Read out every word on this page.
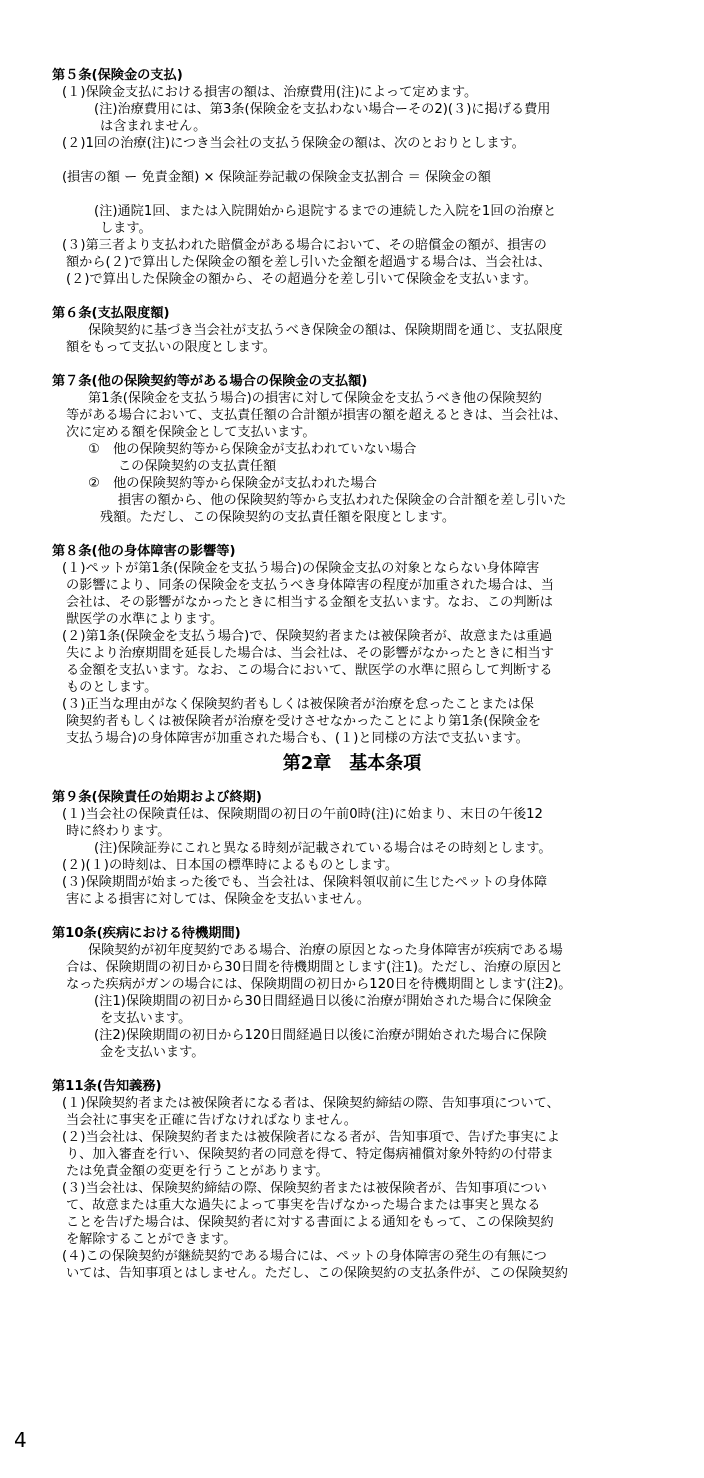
第５条(保険金の支払)
(１)保険金支払における損害の額は、治療費用(注)によって定めます。
(注)治療費用には、第3条(保険金を支払わない場合ーその2)(３)に掲げる費用
は含まれません。
(２)1回の治療(注)につき当会社の支払う保険金の額は、次のとおりとします。
(損害の額 ー 免責金額) × 保険証券記載の保険金支払割合 ＝ 保険金の額
(注)通院1回、または入院開始から退院するまでの連続した入院を1回の治療と
します。
(３)第三者より支払われた賠償金がある場合において、その賠償金の額が、損害の
額から(２)で算出した保険金の額を差し引いた金額を超過する場合は、当会社は、
(２)で算出した保険金の額から、その超過分を差し引いて保険金を支払います。
第６条(支払限度額)
保険契約に基づき当会社が支払うべき保険金の額は、保険期間を通じ、支払限度
額をもって支払いの限度とします。
第７条(他の保険契約等がある場合の保険金の支払額)
第1条(保険金を支払う場合)の損害に対して保険金を支払うべき他の保険契約
等がある場合において、支払責任額の合計額が損害の額を超えるときは、当会社は、
次に定める額を保険金として支払います。
①　他の保険契約等から保険金が支払われていない場合
この保険契約の支払責任額
②　他の保険契約等から保険金が支払われた場合
損害の額から、他の保険契約等から支払われた保険金の合計額を差し引いた
残額。ただし、この保険契約の支払責任額を限度とします。
第８条(他の身体障害の影響等)
(１)ペットが第1条(保険金を支払う場合)の保険金支払の対象とならない身体障害
の影響により、同条の保険金を支払うべき身体障害の程度が加重された場合は、当
会社は、その影響がなかったときに相当する金額を支払います。なお、この判断は
獣医学の水準によります。
(２)第1条(保険金を支払う場合)で、保険契約者または被保険者が、故意または重過
失により治療期間を延長した場合は、当会社は、その影響がなかったときに相当す
る金額を支払います。なお、この場合において、獣医学の水準に照らして判断する
ものとします。
(３)正当な理由がなく保険契約者もしくは被保険者が治療を怠ったことまたは保
険契約者もしくは被保険者が治療を受けさせなかったことにより第1条(保険金を
支払う場合)の身体障害が加重された場合も、(１)と同様の方法で支払います。
第2章　基本条項
第９条(保険責任の始期および終期)
(１)当会社の保険責任は、保険期間の初日の午前0時(注)に始まり、末日の午後12
時に終わります。
(注)保険証券にこれと異なる時刻が記載されている場合はその時刻とします。
(２)(１)の時刻は、日本国の標準時によるものとします。
(３)保険期間が始まった後でも、当会社は、保険料領収前に生じたペットの身体障
害による損害に対しては、保険金を支払いません。
第10条(疾病における待機期間)
保険契約が初年度契約である場合、治療の原因となった身体障害が疾病である場
合は、保険期間の初日から30日間を待機期間とします(注1)。ただし、治療の原因と
なった疾病がガンの場合には、保険期間の初日から120日を待機期間とします(注2)。
(注1)保険期間の初日から30日間経過日以後に治療が開始された場合に保険金
を支払います。
(注2)保険期間の初日から120日間経過日以後に治療が開始された場合に保険
金を支払います。
第11条(告知義務)
(１)保険契約者または被保険者になる者は、保険契約締結の際、告知事項について、
当会社に事実を正確に告げなければなりません。
(２)当会社は、保険契約者または被保険者になる者が、告知事項で、告げた事実によ
り、加入審査を行い、保険契約者の同意を得て、特定傷病補償対象外特約の付帯ま
たは免責金額の変更を行うことがあります。
(３)当会社は、保険契約締結の際、保険契約者または被保険者が、告知事項につい
て、故意または重大な過失によって事実を告げなかった場合または事実と異なる
ことを告げた場合は、保険契約者に対する書面による通知をもって、この保険契約
を解除することができます。
(４)この保険契約が継続契約である場合には、ペットの身体障害の発生の有無につ
いては、告知事項とはしません。ただし、この保険契約の支払条件が、この保険契約
4
